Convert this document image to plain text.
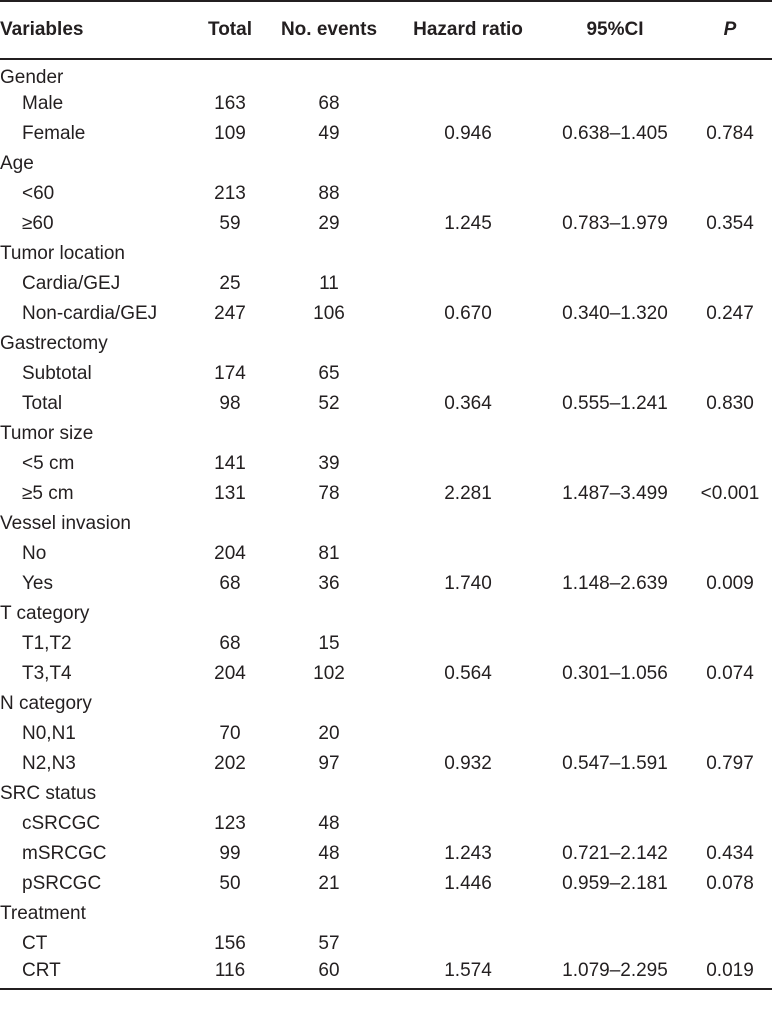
Variables	Total	No. events	Hazard ratio	95%CI	P
Gender					
Male	163	68			
Female	109	49	0.946	0.638–1.405	0.784
Age					
<60	213	88			
≥60	59	29	1.245	0.783–1.979	0.354
Tumor location					
Cardia/GEJ	25	11			
Non-cardia/GEJ	247	106	0.670	0.340–1.320	0.247
Gastrectomy					
Subtotal	174	65			
Total	98	52	0.364	0.555–1.241	0.830
Tumor size					
<5 cm	141	39			
≥5 cm	131	78	2.281	1.487–3.499	<0.001
Vessel invasion					
No	204	81			
Yes	68	36	1.740	1.148–2.639	0.009
T category					
T1,T2	68	15			
T3,T4	204	102	0.564	0.301–1.056	0.074
N category					
N0,N1	70	20			
N2,N3	202	97	0.932	0.547–1.591	0.797
SRC status					
cSRCGC	123	48			
mSRCGC	99	48	1.243	0.721–2.142	0.434
pSRCGC	50	21	1.446	0.959–2.181	0.078
Treatment					
CT	156	57			
CRT	116	60	1.574	1.079–2.295	0.019
